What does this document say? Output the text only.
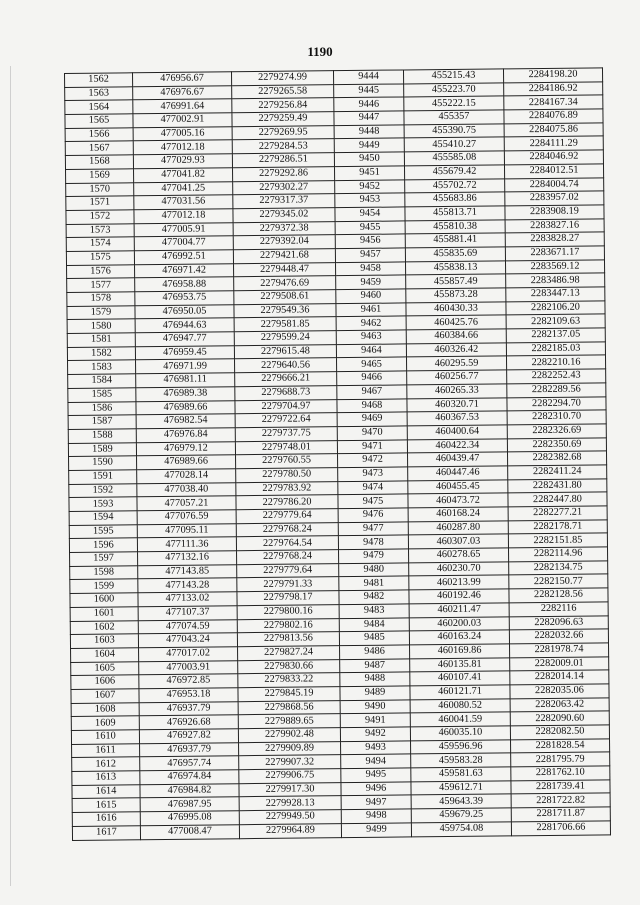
1190
1562	476956.67	2279274.99	9444	455215.43	2284198.20
1563	476976.67	2279265.58	9445	455223.70	2284186.92
1564	476991.64	2279256.84	9446	455222.15	2284167.34
1565	477002.91	2279259.49	9447	455357	2284076.89
1566	477005.16	2279269.95	9448	455390.75	2284075.86
1567	477012.18	2279284.53	9449	455410.27	2284111.29
1568	477029.93	2279286.51	9450	455585.08	2284046.92
1569	477041.82	2279292.86	9451	455679.42	2284012.51
1570	477041.25	2279302.27	9452	455702.72	2284004.74
1571	477031.56	2279317.37	9453	455683.86	2283957.02
1572	477012.18	2279345.02	9454	455813.71	2283908.19
1573	477005.91	2279372.38	9455	455810.38	2283827.16
1574	477004.77	2279392.04	9456	455881.41	2283828.27
1575	476992.51	2279421.68	9457	455835.69	2283671.17
1576	476971.42	2279448.47	9458	455838.13	2283569.12
1577	476958.88	2279476.69	9459	455857.49	2283486.98
1578	476953.75	2279508.61	9460	455873.28	2283447.13
1579	476950.05	2279549.36	9461	460430.33	2282106.20
1580	476944.63	2279581.85	9462	460425.76	2282109.63
1581	476947.77	2279599.24	9463	460384.66	2282137.05
1582	476959.45	2279615.48	9464	460326.42	2282185.03
1583	476971.99	2279640.56	9465	460295.59	2282210.16
1584	476981.11	2279666.21	9466	460256.77	2282252.43
1585	476989.38	2279688.73	9467	460265.33	2282289.56
1586	476989.66	2279704.97	9468	460320.71	2282294.70
1587	476982.54	2279722.64	9469	460367.53	2282310.70
1588	476976.84	2279737.75	9470	460400.64	2282326.69
1589	476979.12	2279748.01	9471	460422.34	2282350.69
1590	476989.66	2279760.55	9472	460439.47	2282382.68
1591	477028.14	2279780.50	9473	460447.46	2282411.24
1592	477038.40	2279783.92	9474	460455.45	2282431.80
1593	477057.21	2279786.20	9475	460473.72	2282447.80
1594	477076.59	2279779.64	9476	460168.24	2282277.21
1595	477095.11	2279768.24	9477	460287.80	2282178.71
1596	477111.36	2279764.54	9478	460307.03	2282151.85
1597	477132.16	2279768.24	9479	460278.65	2282114.96
1598	477143.85	2279779.64	9480	460230.70	2282134.75
1599	477143.28	2279791.33	9481	460213.99	2282150.77
1600	477133.02	2279798.17	9482	460192.46	2282128.56
1601	477107.37	2279800.16	9483	460211.47	2282116
1602	477074.59	2279802.16	9484	460200.03	2282096.63
1603	477043.24	2279813.56	9485	460163.24	2282032.66
1604	477017.02	2279827.24	9486	460169.86	2281978.74
1605	477003.91	2279830.66	9487	460135.81	2282009.01
1606	476972.85	2279833.22	9488	460107.41	2282014.14
1607	476953.18	2279845.19	9489	460121.71	2282035.06
1608	476937.79	2279868.56	9490	460080.52	2282063.42
1609	476926.68	2279889.65	9491	460041.59	2282090.60
1610	476927.82	2279902.48	9492	460035.10	2282082.50
1611	476937.79	2279909.89	9493	459596.96	2281828.54
1612	476957.74	2279907.32	9494	459583.28	2281795.79
1613	476974.84	2279906.75	9495	459581.63	2281762.10
1614	476984.82	2279917.30	9496	459612.71	2281739.41
1615	476987.95	2279928.13	9497	459643.39	2281722.82
1616	476995.08	2279949.50	9498	459679.25	2281711.87
1617	477008.47	2279964.89	9499	459754.08	2281706.66
